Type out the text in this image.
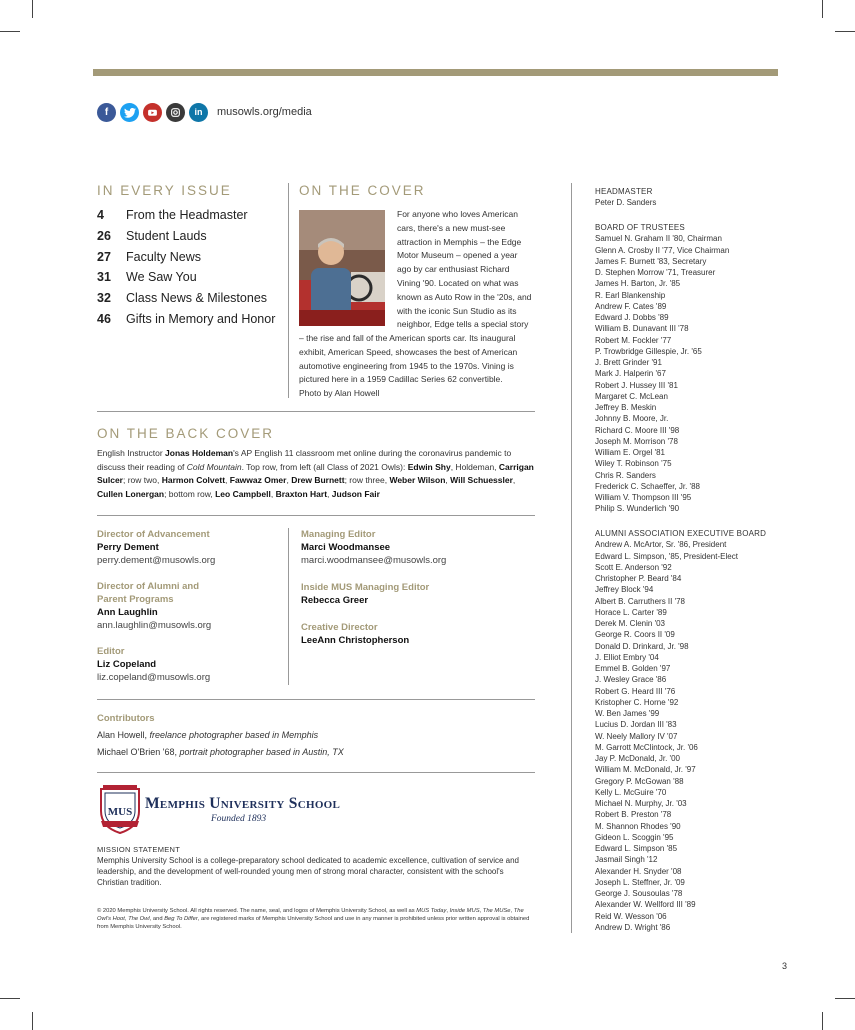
f	in	musowls.org/media
IN EVERY ISSUE
4	From the Headmaster
26	Student Lauds
27	Faculty News
31	We Saw You
32	Class News & Milestones
46	Gifts in Memory and Honor
ON THE COVER
For anyone who loves American
cars, there's a new must-see
attraction in Memphis – the Edge
Motor Museum – opened a year
ago by car enthusiast Richard
Vining '90. Located on what was
known as Auto Row in the '20s, and
with the iconic Sun Studio as its
neighbor, Edge tells a special story
– the rise and fall of the American sports car. Its inaugural
exhibit, American Speed, showcases the best of American
automotive engineering from 1945 to the 1970s. Vining is
pictured here in a 1959 Cadillac Series 62 convertible.
Photo by Alan Howell
ON THE BACK COVER
English Instructor Jonas Holdeman's AP English 11 classroom met online during the coronavirus pandemic to discuss their reading of Cold Mountain. Top row, from left (all Class of 2021 Owls): Edwin Shy, Holdeman, Carrigan Sulcer; row two, Harmon Colvett, Fawwaz Omer, Drew Burnett; row three, Weber Wilson, Will Schuessler, Cullen Lonergan; bottom row, Leo Campbell, Braxton Hart, Judson Fair
Director of Advancement
Perry Dement
perry.dement@musowls.org
Director of Alumni and Parent Programs
Ann Laughlin
ann.laughlin@musowls.org
Editor
Liz Copeland
liz.copeland@musowls.org
Managing Editor
Marci Woodmansee
marci.woodmansee@musowls.org
Inside MUS Managing Editor
Rebecca Greer
Creative Director
LeeAnn Christopherson
Contributors
Alan Howell, freelance photographer based in Memphis
Michael O'Brien '68, portrait photographer based in Austin, TX
MUS Memphis University School
Founded 1893
MISSION STATEMENT
Memphis University School is a college-preparatory school dedicated to academic excellence, cultivation of service and leadership, and the development of well-rounded young men of strong moral character, consistent with the school's Christian tradition.
© 2020 Memphis University School. All rights reserved. The name, seal, and logos of Memphis University School, as well as MUS Today, Inside MUS, The MUSe, The Owl's Hoot, The Owl, and Beg To Differ, are registered marks of Memphis University School and use in any manner is prohibited unless prior written approval is obtained from Memphis University School.
HEADMASTER
Peter D. Sanders
BOARD OF TRUSTEES
Samuel N. Graham II '80, Chairman
Glenn A. Crosby II '77, Vice Chairman
James F. Burnett '83, Secretary
D. Stephen Morrow '71, Treasurer
James H. Barton, Jr. '85
R. Earl Blankenship
Andrew F. Cates '89
Edward J. Dobbs '89
William B. Dunavant III '78
Robert M. Fockler '77
P. Trowbridge Gillespie, Jr. '65
J. Brett Grinder '91
Mark J. Halperin '67
Robert J. Hussey III '81
Margaret C. McLean
Jeffrey B. Meskin
Johnny B. Moore, Jr.
Richard C. Moore III '98
Joseph M. Morrison '78
William E. Orgel '81
Wiley T. Robinson '75
Chris R. Sanders
Frederick C. Schaeffer, Jr. '88
William V. Thompson III '95
Philip S. Wunderlich '90
ALUMNI ASSOCIATION EXECUTIVE BOARD
Andrew A. McArtor, Sr. '86, President
Edward L. Simpson, '85, President-Elect
Scott E. Anderson '92
Christopher P. Beard '84
Jeffrey Block '94
Albert B. Carruthers II '78
Horace L. Carter '89
Derek M. Clenin '03
George R. Coors II '09
Donald D. Drinkard, Jr. '98
J. Elliot Embry '04
Emmel B. Golden '97
J. Wesley Grace '86
Robert G. Heard III '76
Kristopher C. Horne '92
W. Ben James '99
Lucius D. Jordan III '83
W. Neely Mallory IV '07
M. Garrott McClintock, Jr. '06
Jay P. McDonald, Jr. '00
William M. McDonald, Jr. '97
Gregory P. McGowan '88
Kelly L. McGuire '70
Michael N. Murphy, Jr. '03
Robert B. Preston '78
M. Shannon Rhodes '90
Gideon L. Scoggin '95
Edward L. Simpson '85
Jasmail Singh '12
Alexander H. Snyder '08
Joseph L. Steffner, Jr. '09
George J. Sousoulas '78
Alexander W. Wellford III '89
Reid W. Wesson '06
Andrew D. Wright '86
3
